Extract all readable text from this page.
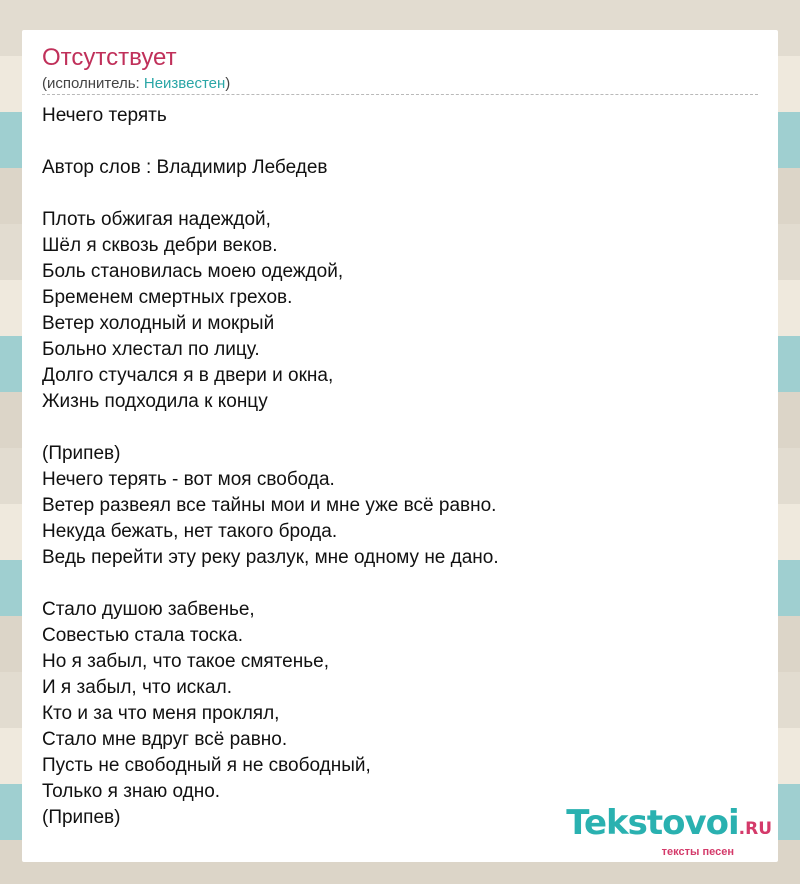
Отсутствует
(исполнитель: Неизвестен)
Нечего терять
Автор слов : Владимир Лебедев
Плоть обжигая надеждой,
Шёл я сквозь дебри веков.
Боль становилась моею одеждой,
Бременем смертных грехов.
Ветер холодный и мокрый
Больно хлестал по лицу.
Долго стучался я в двери и окна,
Жизнь подходила к концу
(Припев)
Нечего терять - вот моя свобода.
Ветер развеял все тайны мои и мне уже всё равно.
Некуда бежать, нет такого брода.
Ведь перейти эту реку разлук, мне одному не дано.
Стало душою забвенье,
Совестью стала тоска.
Но я забыл, что такое смятенье,
И я забыл, что искал.
Кто и за что меня проклял,
Стало мне вдруг всё равно.
Пусть не свободный я не свободный,
Только я знаю одно.
(Припев)	Tekstovoi.RU
тексты песен
